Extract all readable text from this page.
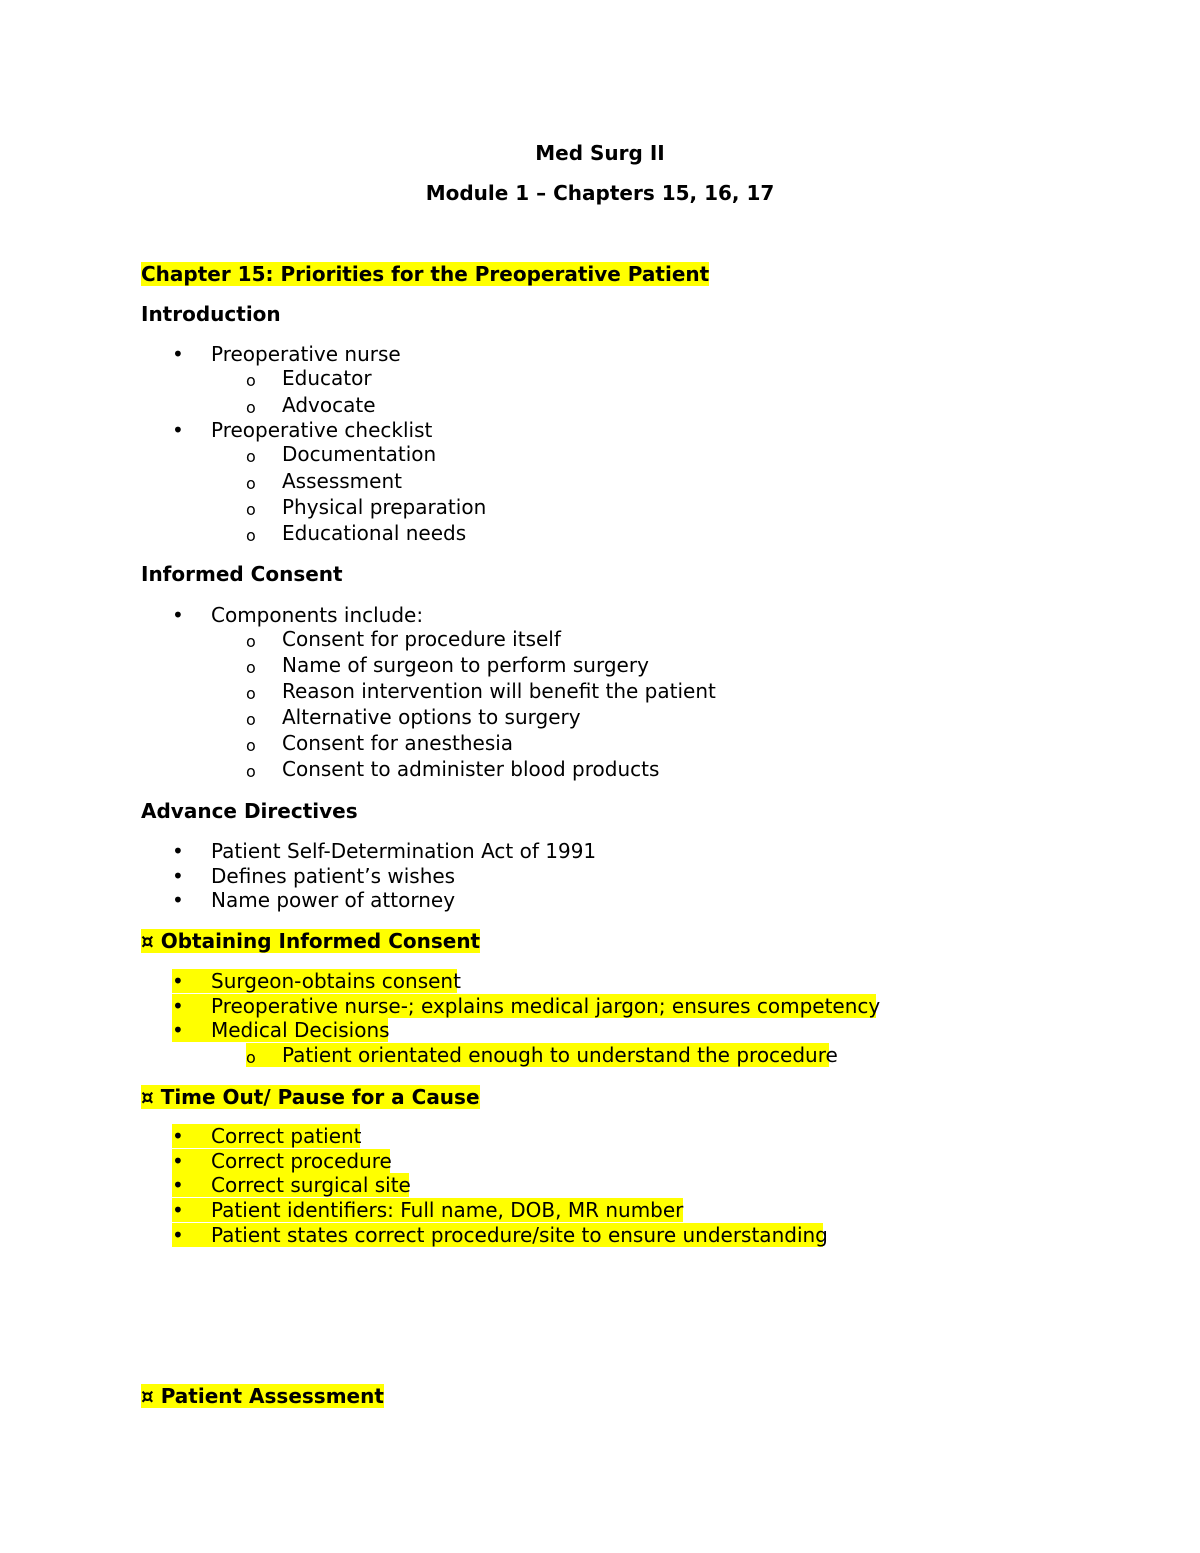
Med Surg II
Module 1 – Chapters 15, 16, 17
Chapter 15: Priorities for the Preoperative Patient
Introduction
•	Preoperative nurse
o	Educator
o	Advocate
•	Preoperative checklist
o	Documentation
o	Assessment
o	Physical preparation
o	Educational needs
Informed Consent
•	Components include:
o	Consent for procedure itself
o	Name of surgeon to perform surgery
o	Reason intervention will benefit the patient
o	Alternative options to surgery
o	Consent for anesthesia
o	Consent to administer blood products
Advance Directives
•	Patient Self-Determination Act of 1991
•	Defines patient’s wishes
•	Name power of attorney
¤ Obtaining Informed Consent
•	Surgeon-obtains consent
•	Preoperative nurse-; explains medical jargon; ensures competency
•	Medical Decisions
o	Patient orientated enough to understand the procedure
¤ Time Out/ Pause for a Cause
•	Correct patient
•	Correct procedure
•	Correct surgical site
•	Patient identifiers: Full name, DOB, MR number
•	Patient states correct procedure/site to ensure understanding
¤ Patient Assessment
